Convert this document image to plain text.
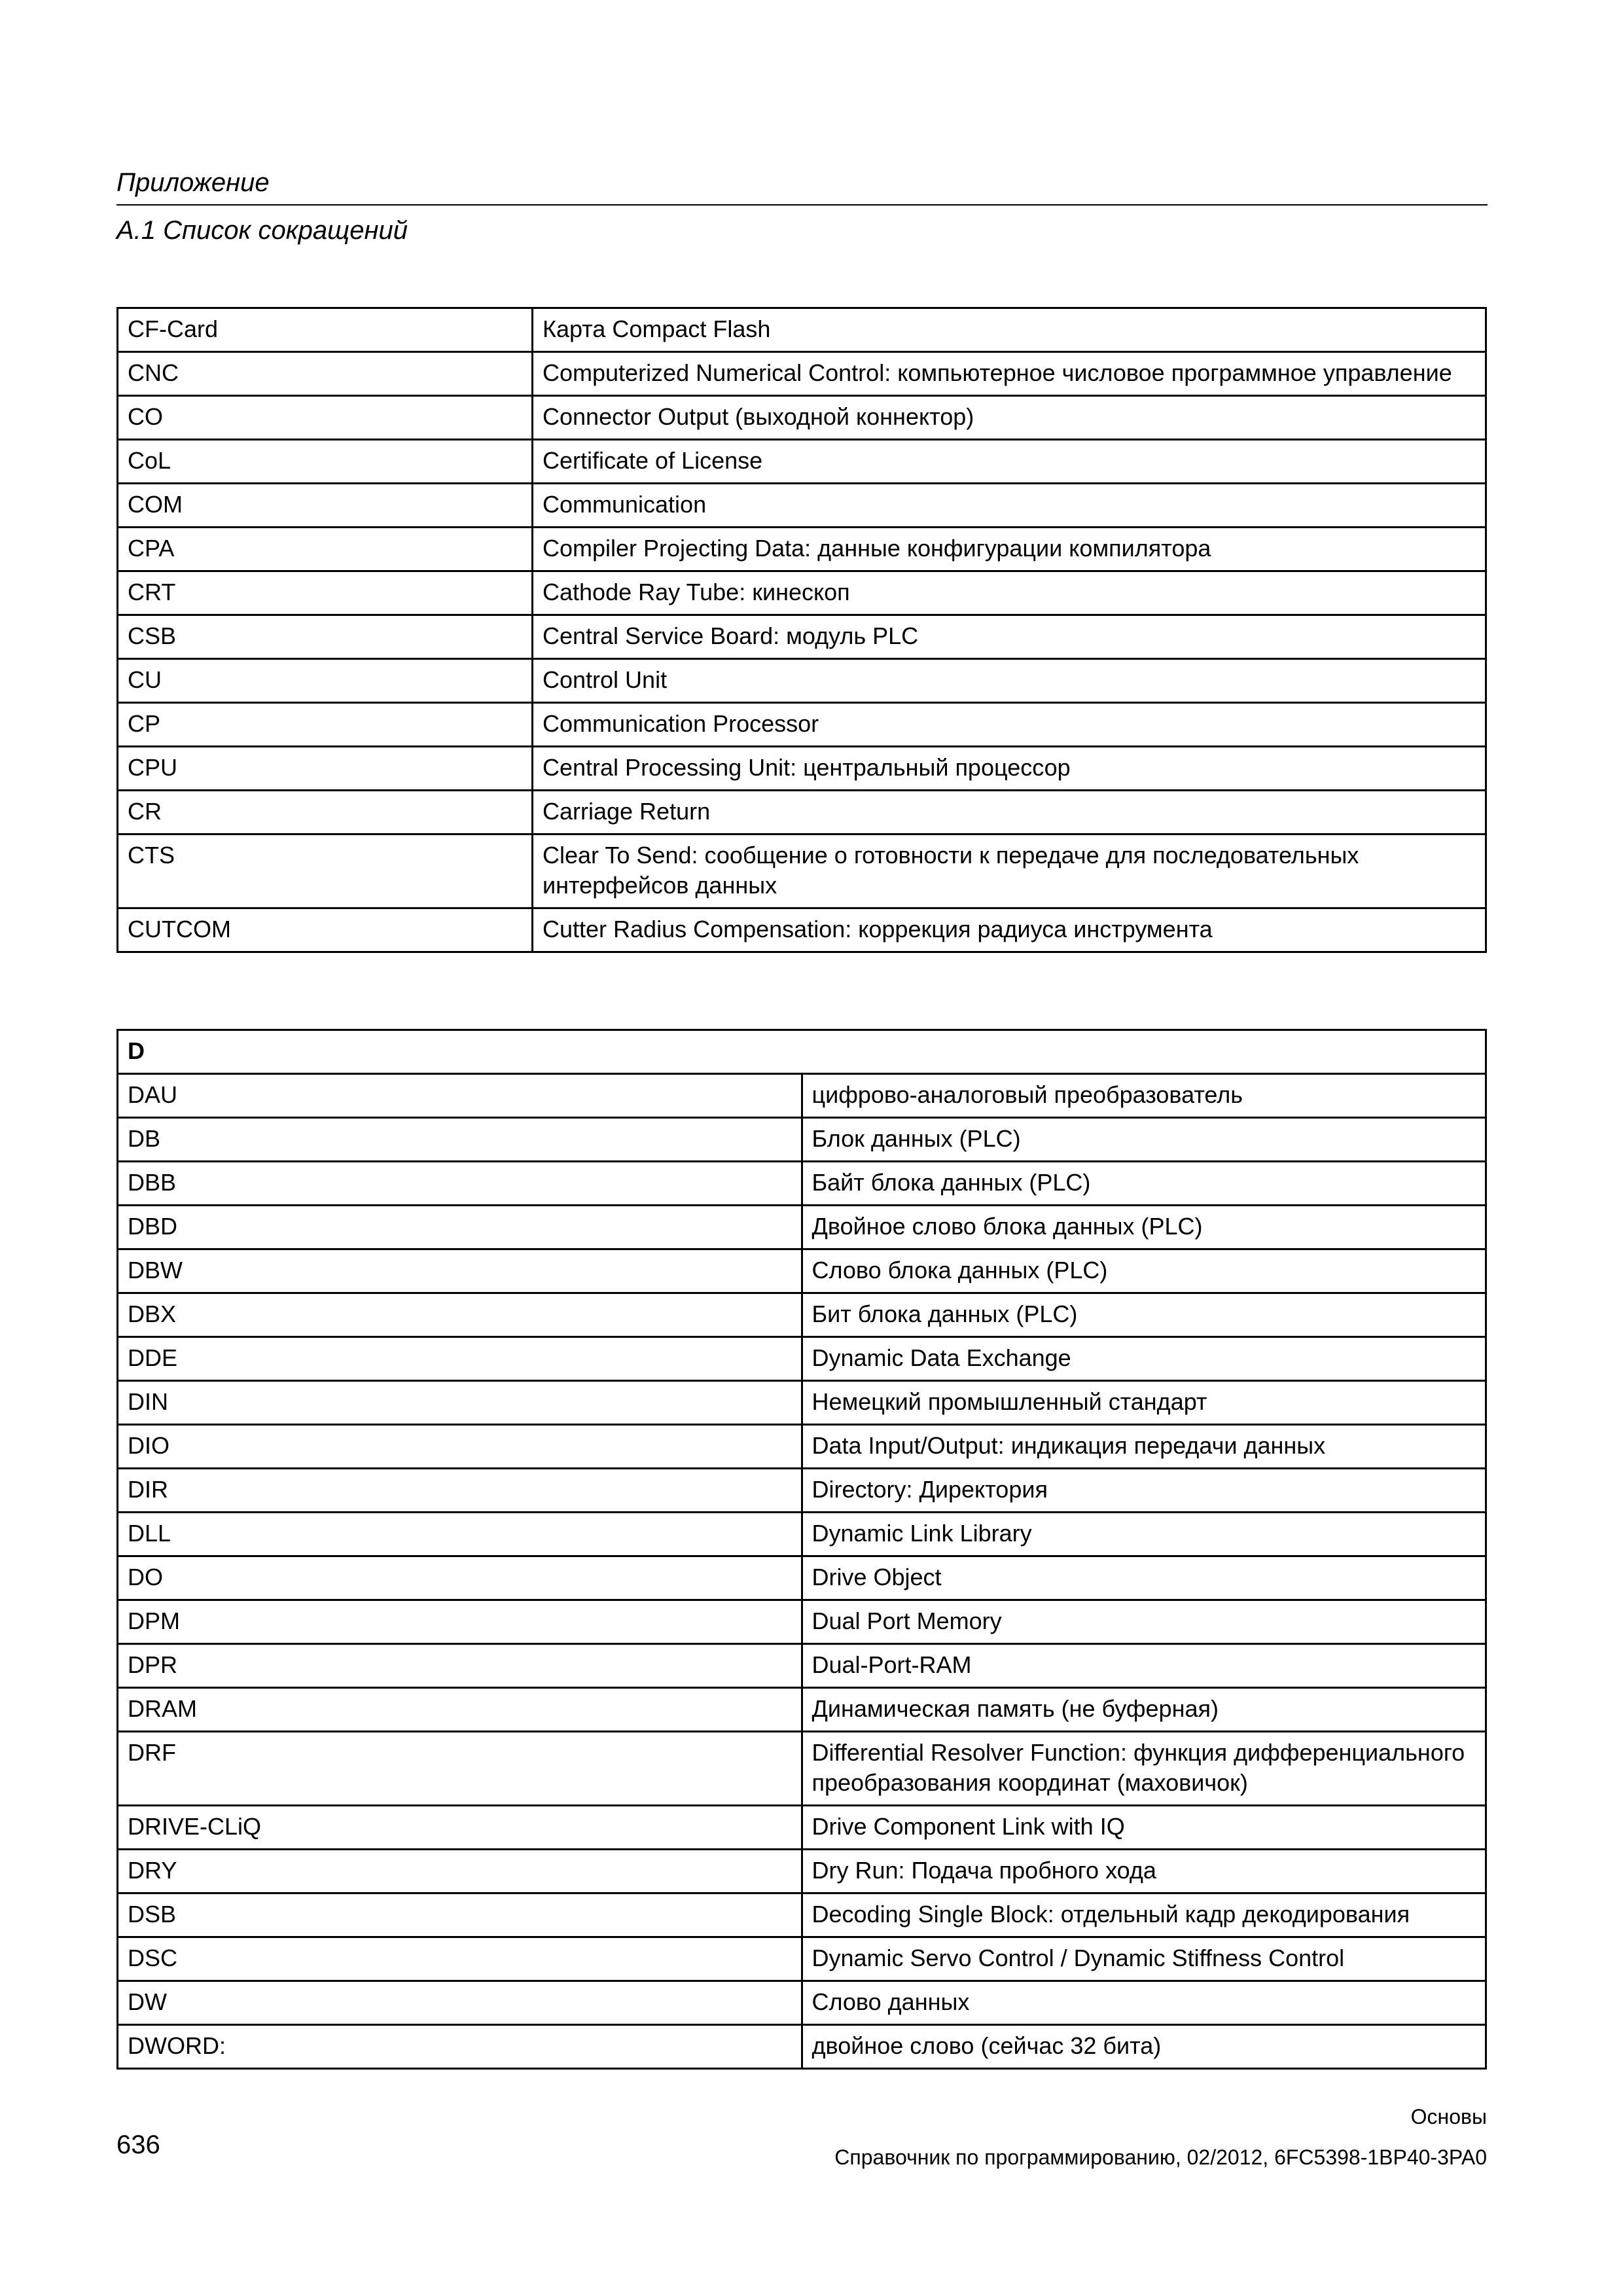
Приложение
A.1 Список сокращений
CF-Card	Карта Compact Flash
CNC	Computerized Numerical Control: компьютерное числовое программное управление
CO	Connector Output (выходной коннектор)
CoL	Certificate of License
COM	Communication
CPA	Compiler Projecting Data: данные конфигурации компилятора
CRT	Cathode Ray Tube: кинескоп
CSB	Central Service Board: модуль PLC
CU	Control Unit
CP	Communication Processor
CPU	Central Processing Unit: центральный процессор
CR	Carriage Return
CTS	Clear To Send: сообщение о готовности к передаче для последовательных интерфейсов данных
CUTCOM	Cutter Radius Compensation: коррекция радиуса инструмента
D	
DAU	цифрово-аналоговый преобразователь
DB	Блок данных (PLC)
DBB	Байт блока данных (PLC)
DBD	Двойное слово блока данных (PLC)
DBW	Слово блока данных (PLC)
DBX	Бит блока данных (PLC)
DDE	Dynamic Data Exchange
DIN	Немецкий промышленный стандарт
DIO	Data Input/Output: индикация передачи данных
DIR	Directory: Директория
DLL	Dynamic Link Library
DO	Drive Object
DPM	Dual Port Memory
DPR	Dual-Port-RAM
DRAM	Динамическая память (не буферная)
DRF	Differential Resolver Function: функция дифференциального преобразования координат (маховичок)
DRIVE-CLiQ	Drive Component Link with IQ
DRY	Dry Run: Подача пробного хода
DSB	Decoding Single Block: отдельный кадр декодирования
DSC	Dynamic Servo Control / Dynamic Stiffness Control
DW	Слово данных
DWORD:	двойное слово (сейчас 32 бита)
Основы
Справочник по программированию, 02/2012, 6FC5398-1BP40-3PA0
636
